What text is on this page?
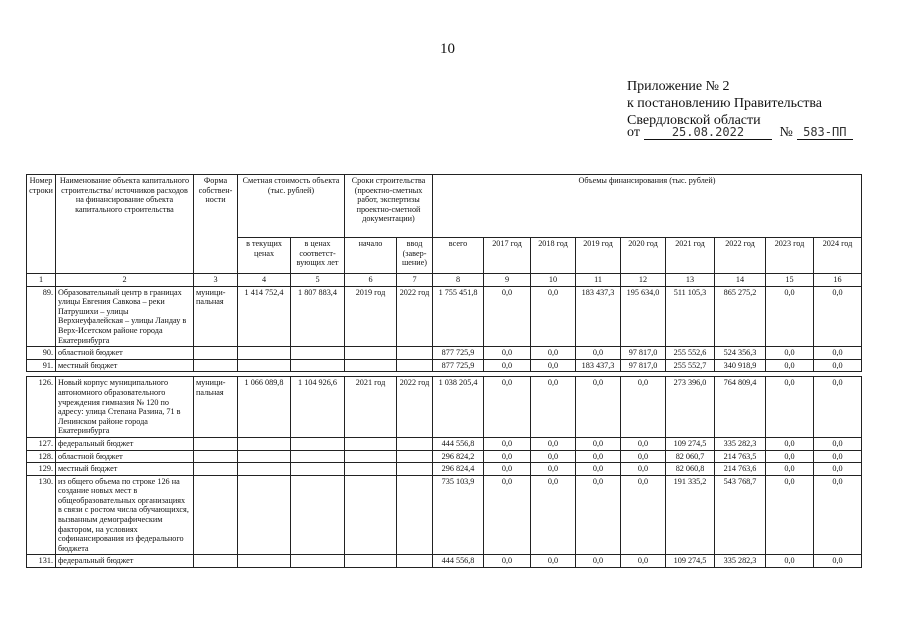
10
Приложение № 2
к постановлению Правительства
Свердловской области
от	25.08.2022	№ 583-ПП
Номер строки	Наименование объекта капитального строительства/ источников расходов на финансирование объекта капитального строительства	Форма собствен-ности	Сметная стоимость объекта (тыс. рублей)		Сроки строительства (проектно-сметных работ, экспертизы проектно-сметной документации)		Объемы финансирования (тыс. рублей)								
			в текущих ценах	в ценах соответст-вующих лет	начало	ввод (завер-шение)	всего	2017 год	2018 год	2019 год	2020 год	2021 год	2022 год	2023 год	2024 год
1	2	3	4	5	6	7	8	9	10	11	12	13	14	15	16
89.	Образовательный центр в границах улицы Евгения Савкова – реки Патрушихи – улицы Верхнеуфалейская – улицы Ландау в Верх-Исетском районе города Екатеринбурга	муници-пальная	1 414 752,4	1 807 883,4	2019 год	2022 год	1 755 451,8	0,0	0,0	183 437,3	195 634,0	511 105,3	865 275,2	0,0	0,0
90.	областной бюджет						877 725,9	0,0	0,0	0,0	97 817,0	255 552,6	524 356,3	0,0	0,0
91.	местный бюджет						877 725,9	0,0	0,0	183 437,3	97 817,0	255 552,7	340 918,9	0,0	0,0

126.	Новый корпус муниципального автономного образовательного учреждения гимназия № 120 по адресу: улица Степана Разина, 71 в Ленинском районе города Екатеринбурга	муници-пальная	1 066 089,8	1 104 926,6	2021 год	2022 год	1 038 205,4	0,0	0,0	0,0	0,0	273 396,0	764 809,4	0,0	0,0
127.	федеральный бюджет						444 556,8	0,0	0,0	0,0	0,0	109 274,5	335 282,3	0,0	0,0
128.	областной бюджет						296 824,2	0,0	0,0	0,0	0,0	82 060,7	214 763,5	0,0	0,0
129.	местный бюджет						296 824,4	0,0	0,0	0,0	0,0	82 060,8	214 763,6	0,0	0,0
130.	из общего объема по строке 126 на создание новых мест в общеобразовательных организациях в связи с ростом числа обучающихся, вызванным демографическим фактором, на условиях софинансирования из федерального бюджета						735 103,9	0,0	0,0	0,0	0,0	191 335,2	543 768,7	0,0	0,0
131.	федеральный бюджет						444 556,8	0,0	0,0	0,0	0,0	109 274,5	335 282,3	0,0	0,0
